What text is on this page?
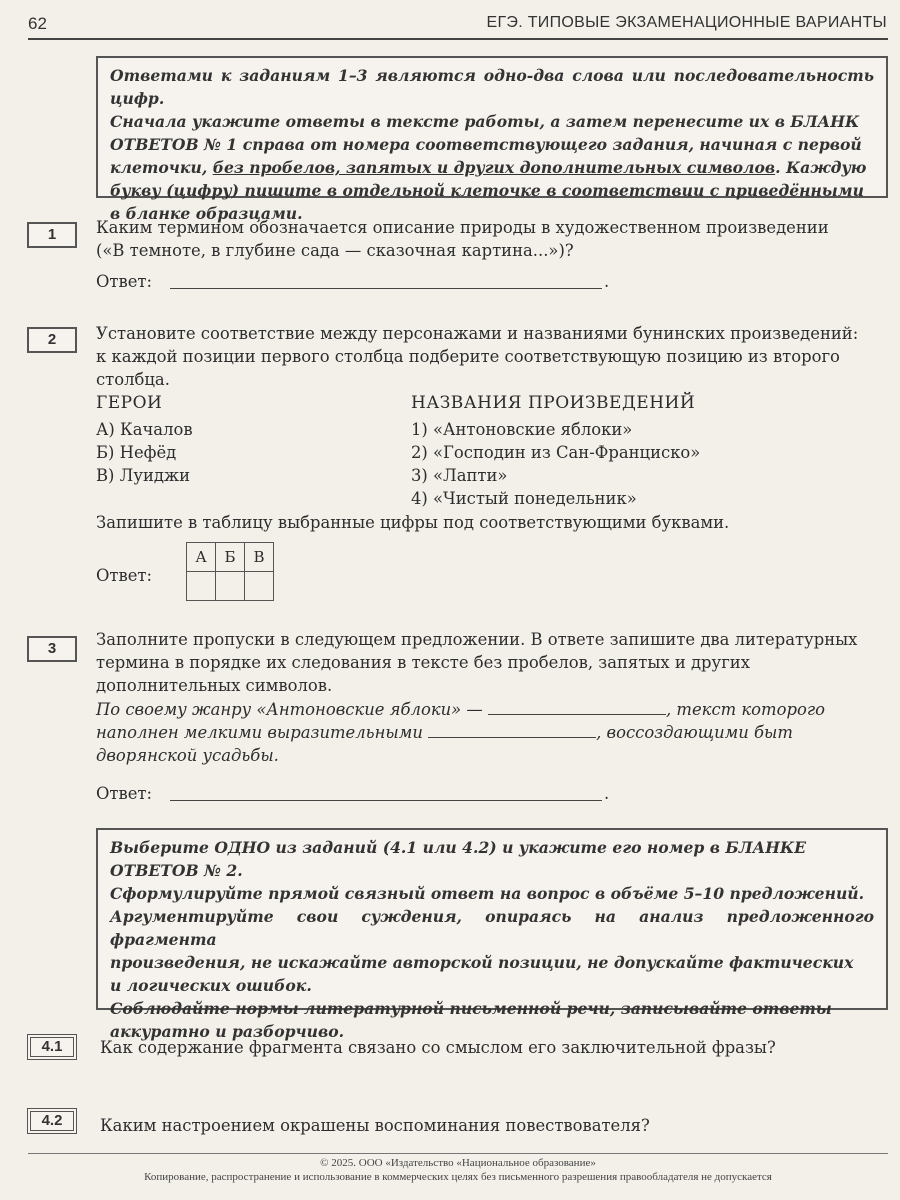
62	ЕГЭ. ТИПОВЫЕ ЭКЗАМЕНАЦИОННЫЕ ВАРИАНТЫ
Ответами к заданиям 1–3 являются одно-два слова или последовательность цифр.
Сначала укажите ответы в тексте работы, а затем перенесите их в БЛАНК
ОТВЕТОВ № 1 справа от номера соответствующего задания, начиная с первой
клеточки, без пробелов, запятых и других дополнительных символов. Каждую
букву (цифру) пишите в отдельной клеточке в соответствии с приведёнными
в бланке образцами.
1	Каким термином обозначается описание природы в художественном произведении
(«В темноте, в глубине сада — сказочная картина...»)?
Ответ:	.
2	Установите соответствие между персонажами и названиями бунинских произведений:
к каждой позиции первого столбца подберите соответствующую позицию из второго
столбца.
ГЕРОИ	НАЗВАНИЯ ПРОИЗВЕДЕНИЙ
А) Качалов
Б) Нефёд
В) Луиджи
1) «Антоновские яблоки»
2) «Господин из Сан-Франциско»
3) «Лапти»
4) «Чистый понедельник»
Запишите в таблицу выбранные цифры под соответствующими буквами.
Ответ:
А	Б	В

3	Заполните пропуски в следующем предложении. В ответе запишите два литературных
термина в порядке их следования в тексте без пробелов, запятых и других
дополнительных символов.
По своему жанру «Антоновские яблоки» —	, текст которого
наполнен мелкими выразительными	, воссоздающими быт
дворянской усадьбы.
Ответ:	.
Выберите ОДНО из заданий (4.1 или 4.2) и укажите его номер в БЛАНКЕ
ОТВЕТОВ № 2.
Сформулируйте прямой связный ответ на вопрос в объёме 5–10 предложений.
Аргументируйте свои суждения, опираясь на анализ предложенного фрагмента
произведения, не искажайте авторской позиции, не допускайте фактических
и логических ошибок.
Соблюдайте нормы литературной письменной речи, записывайте ответы
аккуратно и разборчиво.
4.1	Как содержание фрагмента связано со смыслом его заключительной фразы?
4.2	Каким настроением окрашены воспоминания повествователя?
© 2025. ООО «Издательство «Национальное образование»
Копирование, распространение и использование в коммерческих целях без письменного разрешения правообладателя не допускается
